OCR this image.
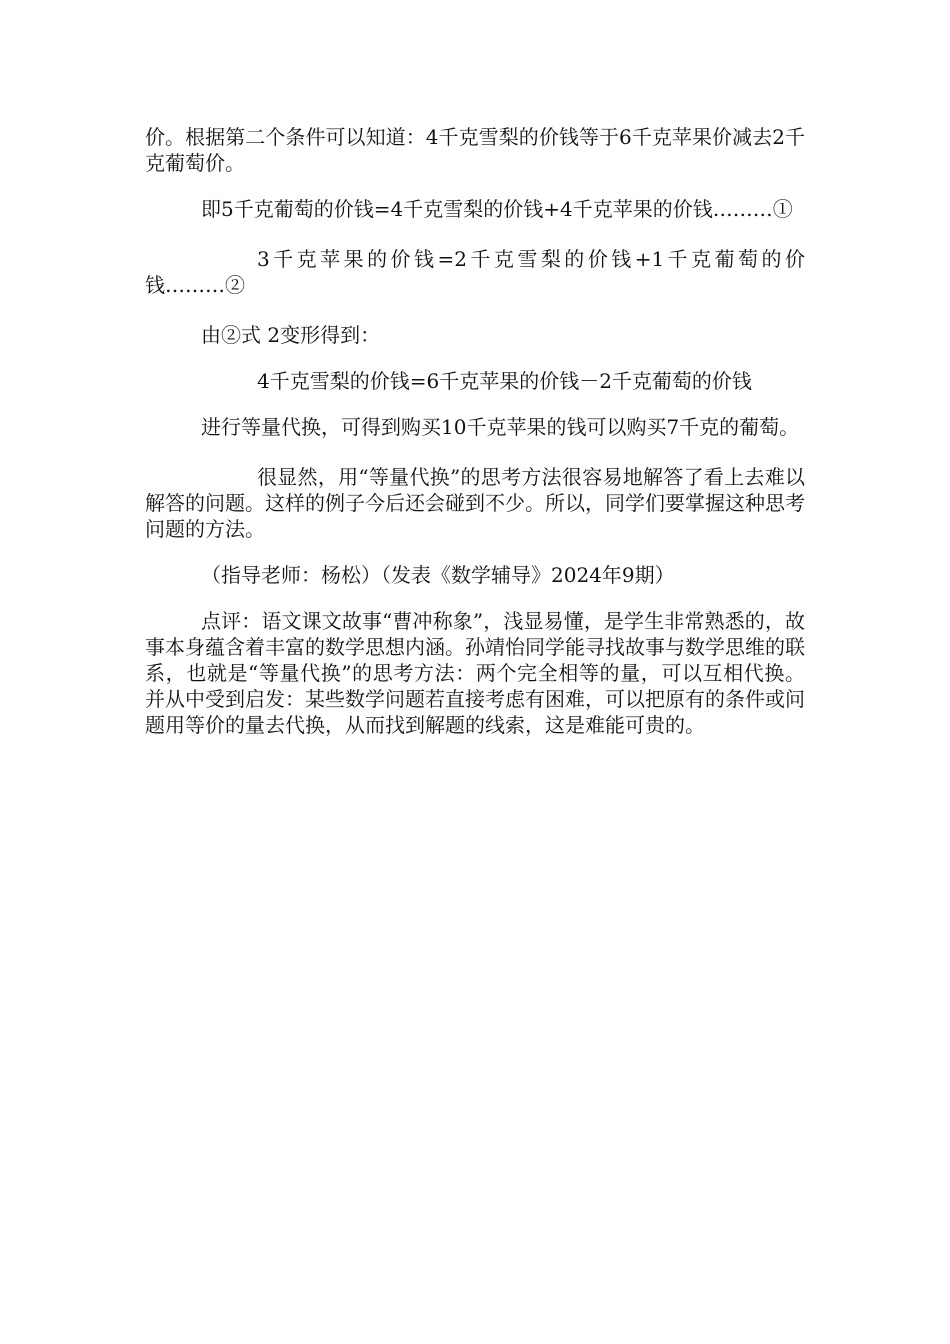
价。根据第二个条件可以知道：4千克雪梨的价钱等于6千克苹果价减去2千克葡萄价。

即5千克葡萄的价钱=4千克雪梨的价钱+4千克苹果的价钱………①

3千克苹果的价钱=2千克雪梨的价钱+1千克葡萄的价钱………②

由②式 2变形得到：

4千克雪梨的价钱=6千克苹果的价钱－2千克葡萄的价钱

进行等量代换，可得到购买10千克苹果的钱可以购买7千克的葡萄。

很显然，用“等量代换”的思考方法很容易地解答了看上去难以解答的问题。这样的例子今后还会碰到不少。所以，同学们要掌握这种思考问题的方法。

（指导老师：杨松）（发表《数学辅导》2024年9期）

点评：语文课文故事“曹冲称象”，浅显易懂，是学生非常熟悉的，故事本身蕴含着丰富的数学思想内涵。孙靖怡同学能寻找故事与数学思维的联系，也就是“等量代换”的思考方法：两个完全相等的量，可以互相代换。并从中受到启发：某些数学问题若直接考虑有困难，可以把原有的条件或问题用等价的量去代换，从而找到解题的线索，这是难能可贵的。
